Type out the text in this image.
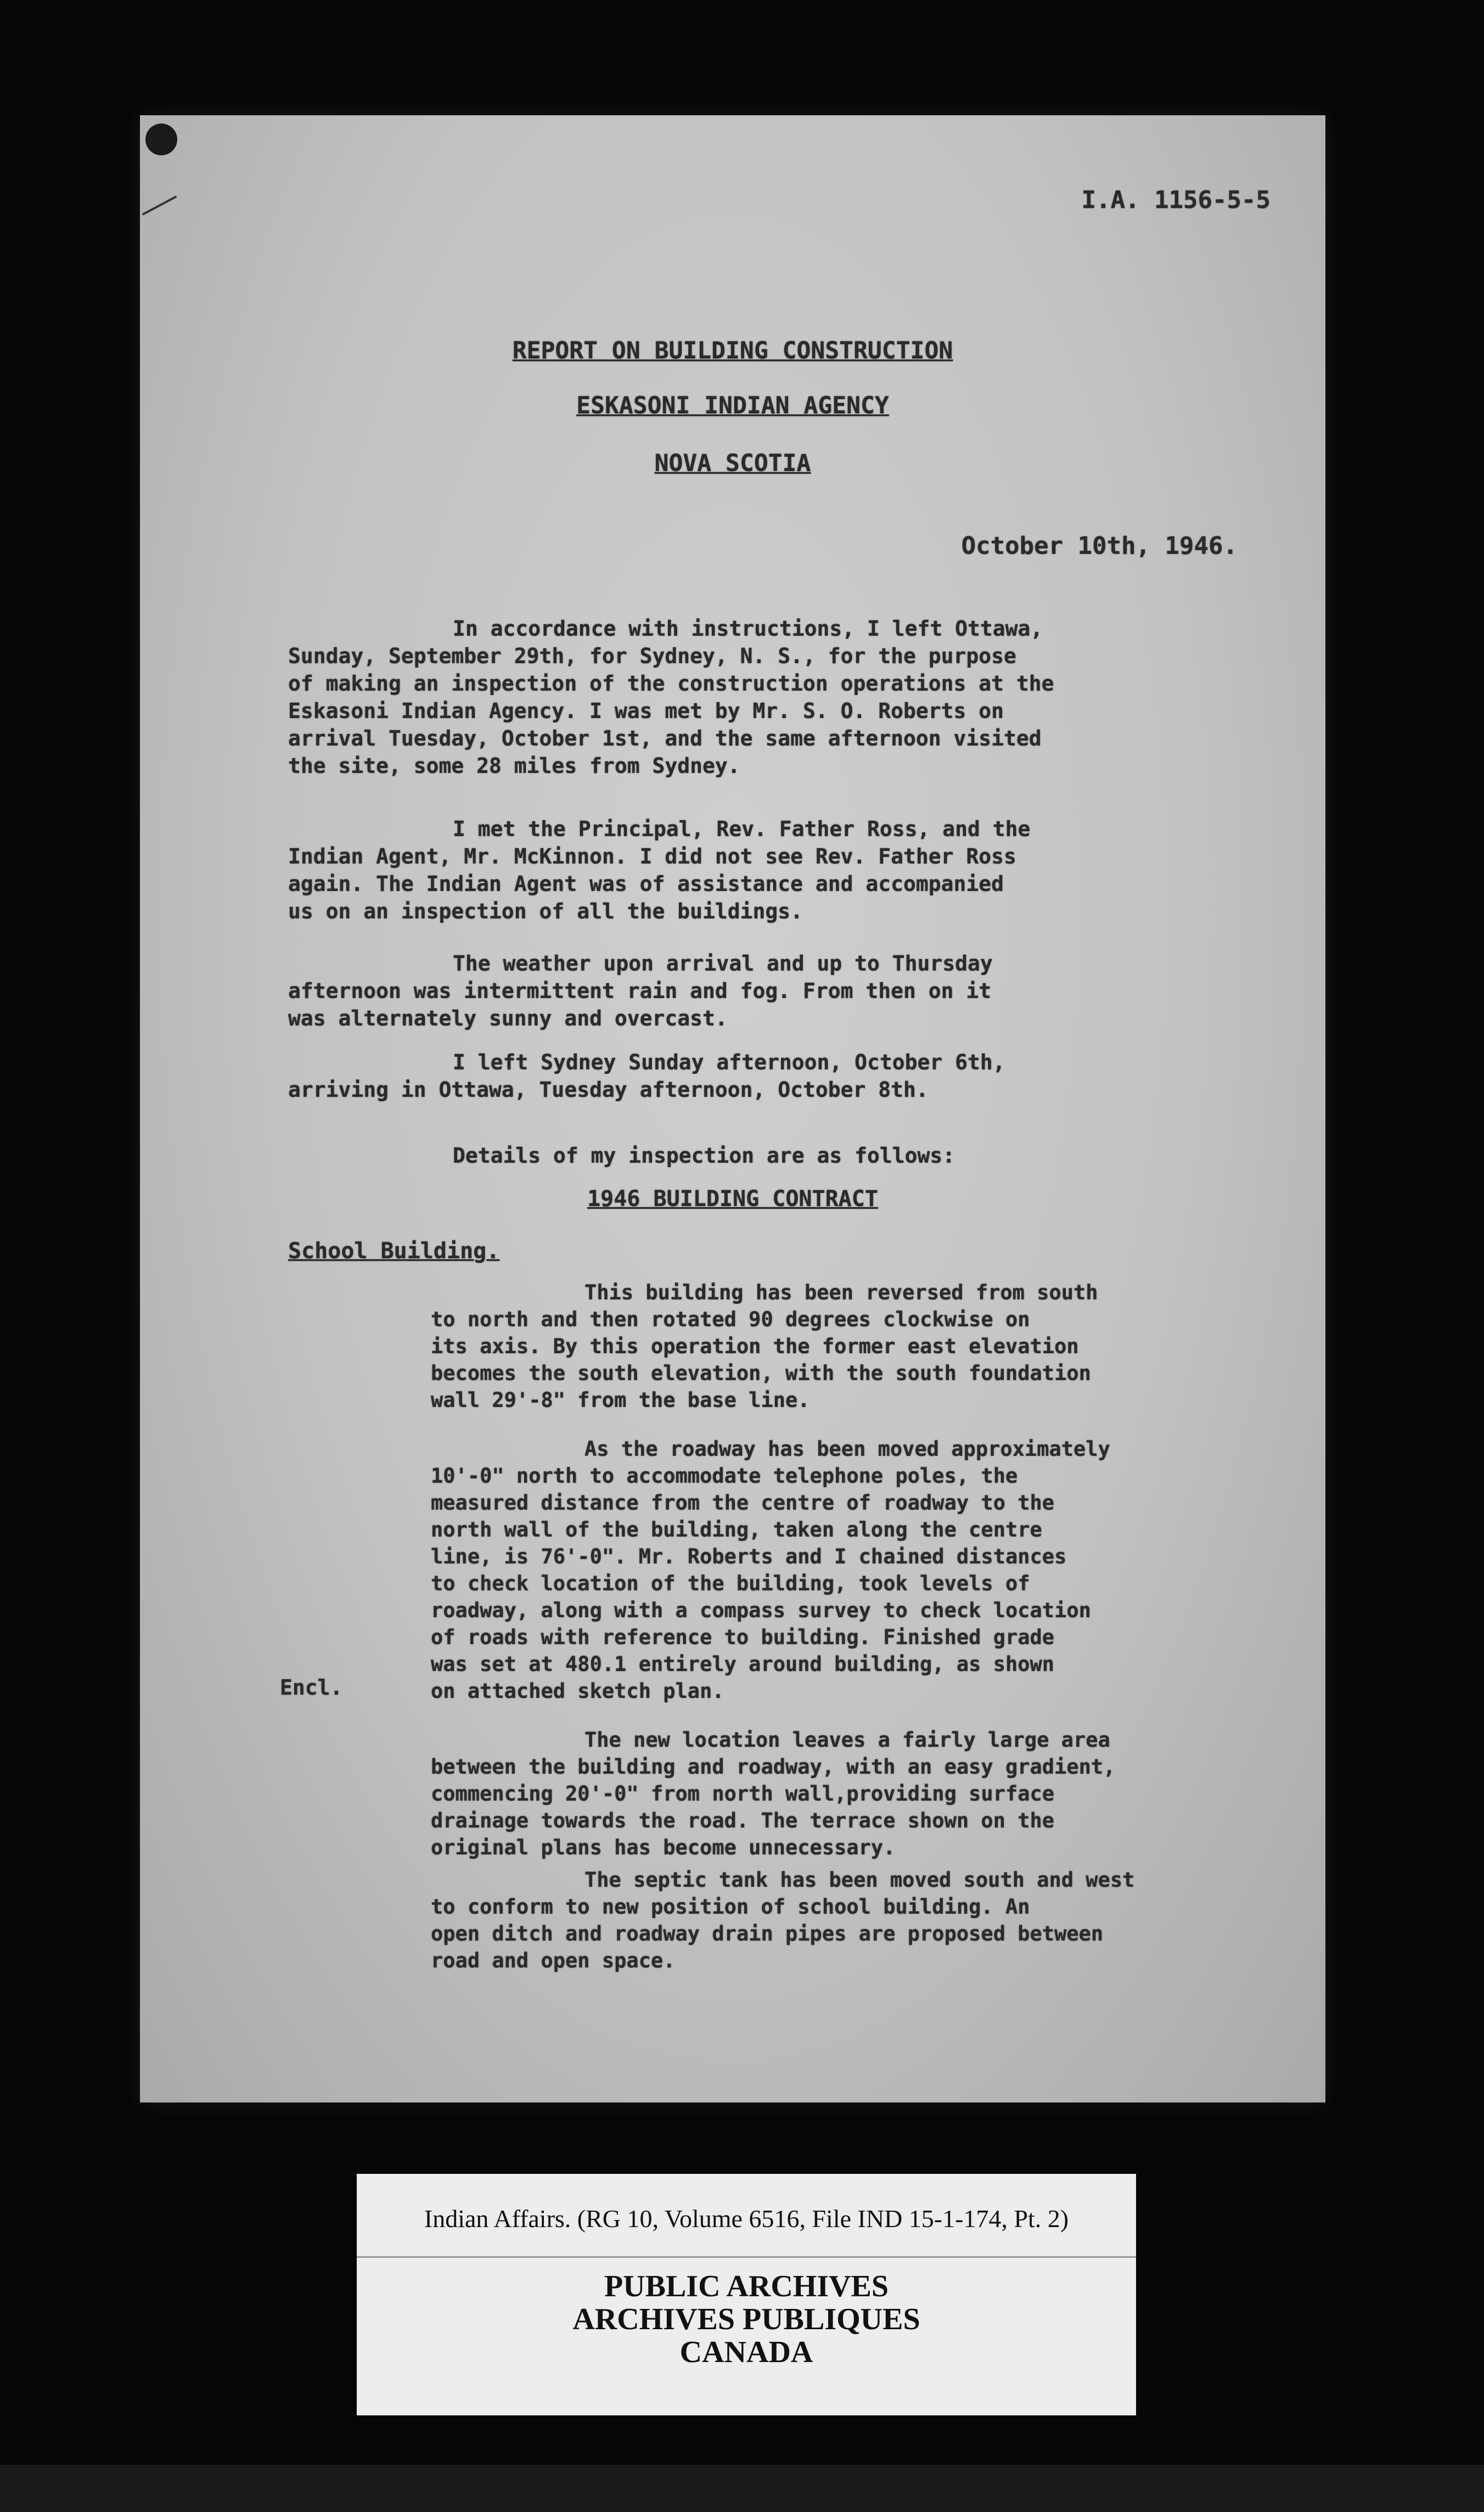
I.A. 1156-5-5
REPORT ON BUILDING CONSTRUCTION
ESKASONI INDIAN AGENCY
NOVA SCOTIA
October 10th, 1946.
In accordance with instructions, I left Ottawa,
Sunday, September 29th, for Sydney, N. S., for the purpose
of making an inspection of the construction operations at the
Eskasoni Indian Agency. I was met by Mr. S. O. Roberts on
arrival Tuesday, October 1st, and the same afternoon visited
the site, some 28 miles from Sydney.
I met the Principal, Rev. Father Ross, and the
Indian Agent, Mr. McKinnon. I did not see Rev. Father Ross
again. The Indian Agent was of assistance and accompanied
us on an inspection of all the buildings.
The weather upon arrival and up to Thursday
afternoon was intermittent rain and fog. From then on it
was alternately sunny and overcast.
I left Sydney Sunday afternoon, October 6th,
arriving in Ottawa, Tuesday afternoon, October 8th.
Details of my inspection are as follows:
1946 BUILDING CONTRACT
School Building.
This building has been reversed from south
to north and then rotated 90 degrees clockwise on
its axis. By this operation the former east elevation
becomes the south elevation, with the south foundation
wall 29'-8" from the base line.
As the roadway has been moved approximately
10'-0" north to accommodate telephone poles, the
measured distance from the centre of roadway to the
north wall of the building, taken along the centre
line, is 76'-0". Mr. Roberts and I chained distances
to check location of the building, took levels of
roadway, along with a compass survey to check location
of roads with reference to building. Finished grade
was set at 480.1 entirely around building, as shown
on attached sketch plan.
Encl.
The new location leaves a fairly large area
between the building and roadway, with an easy gradient,
commencing 20'-0" from north wall,providing surface
drainage towards the road. The terrace shown on the
original plans has become unnecessary.
The septic tank has been moved south and west
to conform to new position of school building. An
open ditch and roadway drain pipes are proposed between
road and open space.
Indian Affairs. (RG 10, Volume 6516, File IND 15-1-174, Pt. 2)
PUBLIC ARCHIVES
ARCHIVES PUBLIQUES
CANADA
